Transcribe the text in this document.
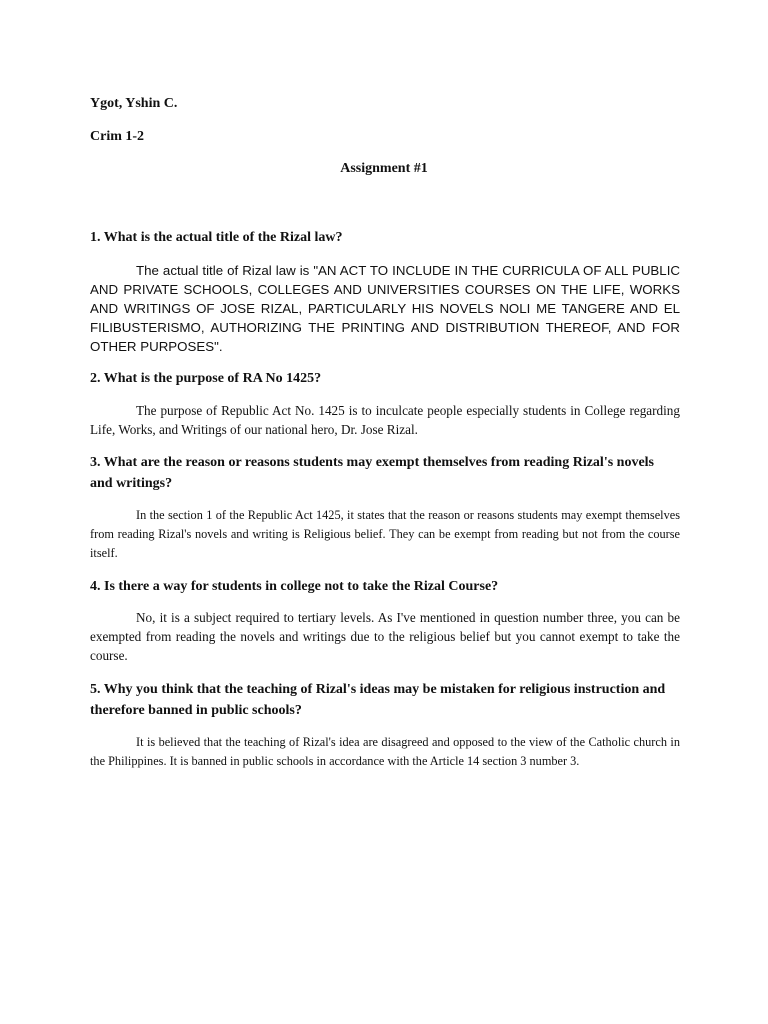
Ygot, Yshin C.
Crim 1-2
Assignment #1
1. What is the actual title of the Rizal law?
The actual title of Rizal law is "AN ACT TO INCLUDE IN THE CURRICULA OF ALL PUBLIC AND PRIVATE SCHOOLS, COLLEGES AND UNIVERSITIES COURSES ON THE LIFE, WORKS AND WRITINGS OF JOSE RIZAL, PARTICULARLY HIS NOVELS NOLI ME TANGERE AND EL FILIBUSTERISMO, AUTHORIZING THE PRINTING AND DISTRIBUTION THEREOF, AND FOR OTHER PURPOSES".
2. What is the purpose of RA No 1425?
The purpose of Republic Act No. 1425 is to inculcate people especially students in College regarding Life, Works, and Writings of our national hero, Dr. Jose Rizal.
3. What are the reason or reasons students may exempt themselves from reading Rizal's novels and writings?
In the section 1 of the Republic Act 1425, it states that the reason or reasons students may exempt themselves from reading Rizal's novels and writing is Religious belief. They can be exempt from reading but not from the course itself.
4. Is there a way for students in college not to take the Rizal Course?
No, it is a subject required to tertiary levels. As I've mentioned in question number three, you can be exempted from reading the novels and writings due to the religious belief but you cannot exempt to take the course.
5. Why you think that the teaching of Rizal's ideas may be mistaken for religious instruction and therefore banned in public schools?
It is believed that the teaching of Rizal's idea are disagreed and opposed to the view of the Catholic church in the Philippines. It is banned in public schools in accordance with the Article 14 section 3 number 3.
